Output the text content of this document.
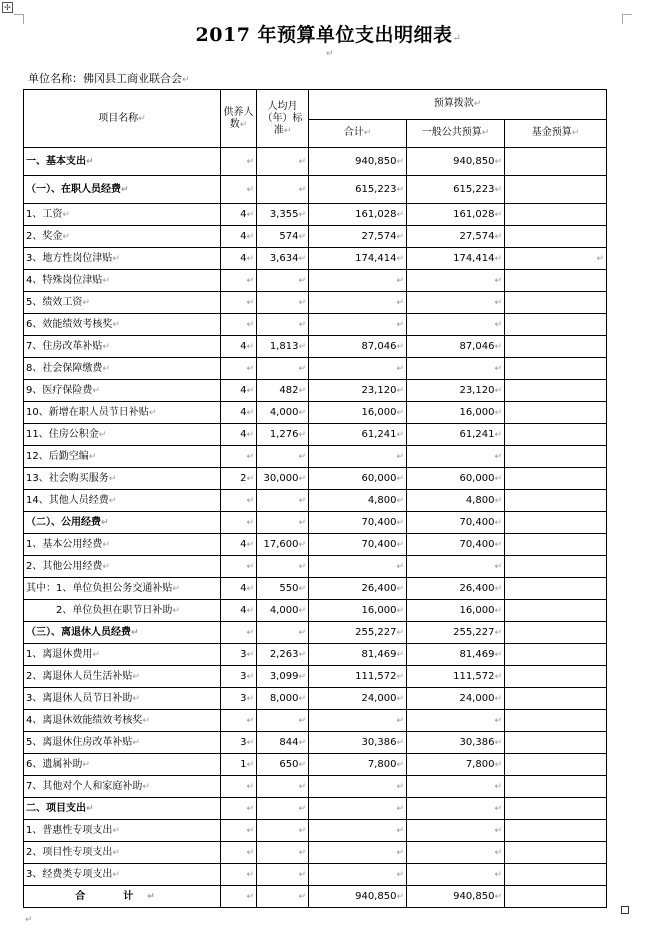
✢
2017 年预算单位支出明细表↵
↵
单位名称：佛冈县工商业联合会↵
项目名称↵	供养人数↵	人均月（年）标准↵	预算拨款↵		
			合计↵	一般公共预算↵	基金预算↵
一、基本支出↵	↵	↵	940,850↵	940,850↵	
（一）、在职人员经费↵	↵	↵	615,223↵	615,223↵	
1、工资↵	4↵	3,355↵	161,028↵	161,028↵	
2、奖金↵	4↵	574↵	27,574↵	27,574↵	
3、地方性岗位津贴↵	4↵	3,634↵	174,414↵	174,414↵	↵
4、特殊岗位津贴↵	↵	↵	↵	↵	
5、绩效工资↵	↵	↵	↵	↵	
6、效能绩效考核奖↵	↵	↵	↵	↵	
7、住房改革补贴↵	4↵	1,813↵	87,046↵	87,046↵	
8、社会保障缴费↵	↵	↵	↵	↵	
9、医疗保险费↵	4↵	482↵	23,120↵	23,120↵	
10、新增在职人员节日补贴↵	4↵	4,000↵	16,000↵	16,000↵	
11、住房公积金↵	4↵	1,276↵	61,241↵	61,241↵	
12、后勤空编↵	↵	↵	↵	↵	
13、社会购买服务↵	2↵	30,000↵	60,000↵	60,000↵	
14、其他人员经费↵	↵	↵	4,800↵	4,800↵	
（二）、公用经费↵	↵	↵	70,400↵	70,400↵	
1、基本公用经费↵	4↵	17,600↵	70,400↵	70,400↵	
2、其他公用经费↵	↵	↵	↵	↵	
其中：1、单位负担公务交通补贴↵	4↵	550↵	26,400↵	26,400↵	
　　　2、单位负担在职节日补助↵	4↵	4,000↵	16,000↵	16,000↵	
（三）、离退休人员经费↵	↵	↵	255,227↵	255,227↵	
1、离退休费用↵	3↵	2,263↵	81,469↵	81,469↵	
2、离退休人员生活补贴↵	3↵	3,099↵	111,572↵	111,572↵	
3、离退休人员节日补助↵	3↵	8,000↵	24,000↵	24,000↵	
4、离退休效能绩效考核奖↵	↵	↵	↵	↵	
5、离退休住房改革补贴↵	3↵	844↵	30,386↵	30,386↵	
6、遗属补助↵	1↵	650↵	7,800↵	7,800↵	
7、其他对个人和家庭补助↵	↵	↵	↵	↵	
二、项目支出↵	↵	↵	↵	↵	
1、普惠性专项支出↵	↵	↵	↵	↵	
2、项目性专项支出↵	↵	↵	↵	↵	
3、经费类专项支出↵	↵	↵	↵	↵	
合　计↵	↵	↵	940,850↵	940,850↵	
↵
